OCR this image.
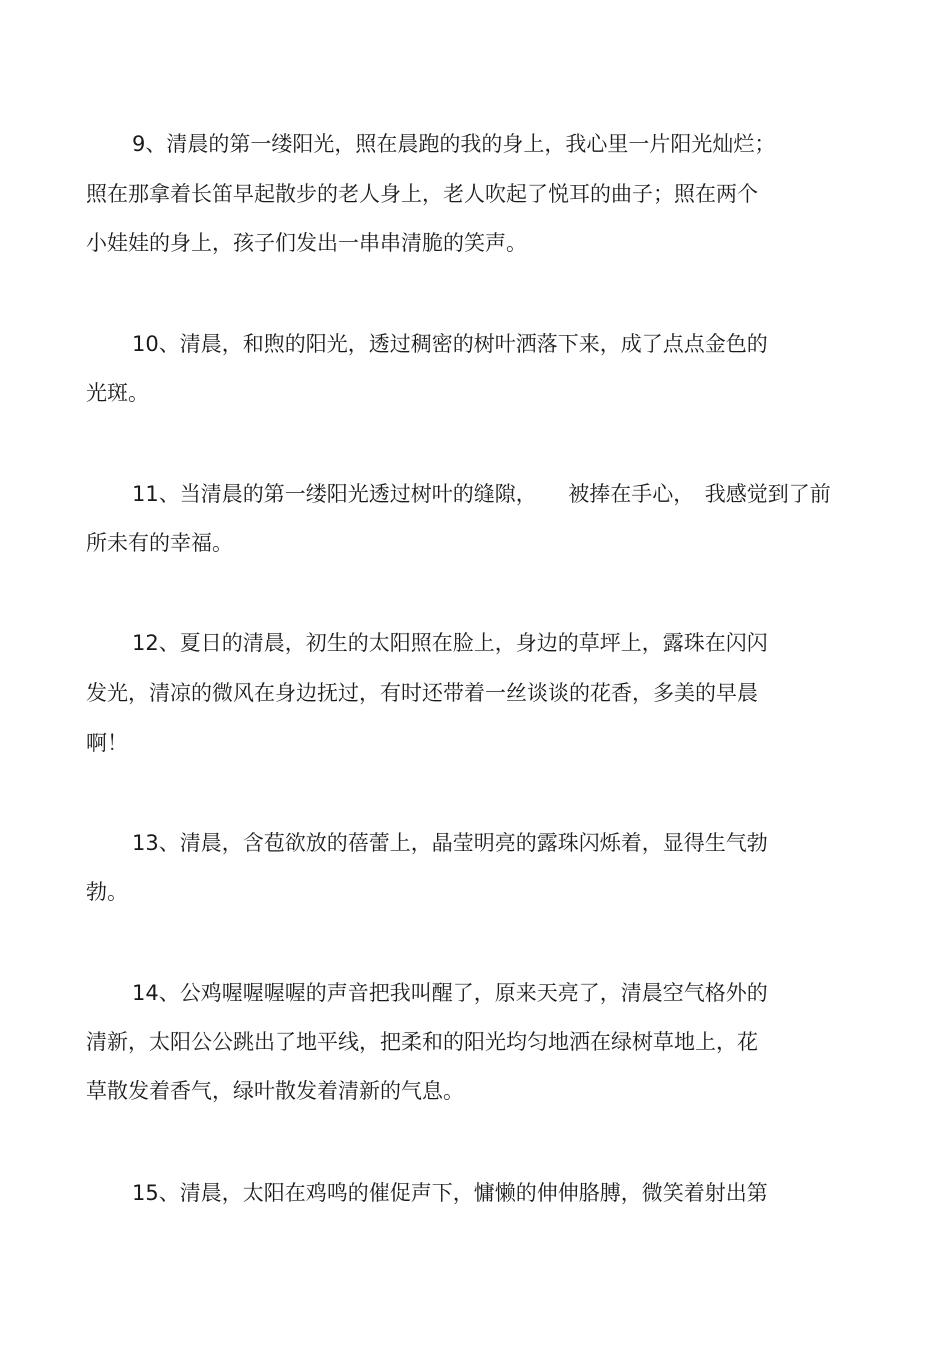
9、清晨的第一缕阳光，照在晨跑的我的身上，我心里一片阳光灿烂；
照在那拿着长笛早起散步的老人身上，老人吹起了悦耳的曲子；照在两个
小娃娃的身上，孩子们发出一串串清脆的笑声。
10、清晨，和煦的阳光，透过稠密的树叶洒落下来，成了点点金色的
光斑。
11、当清晨的第一缕阳光透过树叶的缝隙，　　被捧在手心，　我感觉到了前
所未有的幸福。
12、夏日的清晨，初生的太阳照在脸上，身边的草坪上，露珠在闪闪
发光，清凉的微风在身边抚过，有时还带着一丝谈谈的花香，多美的早晨
啊！
13、清晨，含苞欲放的蓓蕾上，晶莹明亮的露珠闪烁着，显得生气勃
勃。
14、公鸡喔喔喔喔的声音把我叫醒了，原来天亮了，清晨空气格外的
清新，太阳公公跳出了地平线，把柔和的阳光均匀地洒在绿树草地上，花
草散发着香气，绿叶散发着清新的气息。
15、清晨，太阳在鸡鸣的催促声下，慵懒的伸伸胳膊，微笑着射出第
